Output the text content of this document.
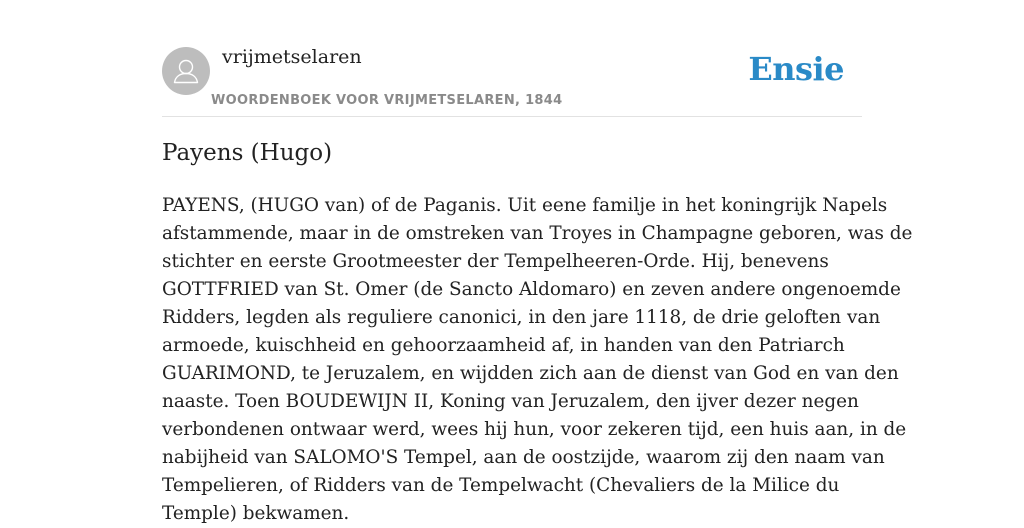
vrijmetselaren
WOORDENBOEK VOOR VRIJMETSELAREN, 1844
Ensie
Payens (Hugo)

PAYENS, (HUGO van) of de Paganis. Uit eene familje in het koningrijk Napels
afstammende, maar in de omstreken van Troyes in Champagne geboren, was de
stichter en eerste Grootmeester der Tempelheeren-Orde. Hij, benevens
GOTTFRIED van St. Omer (de Sancto Aldomaro) en zeven andere ongenoemde
Ridders, legden als reguliere canonici, in den jare 1118, de drie geloften van
armoede, kuischheid en gehoorzaamheid af, in handen van den Patriarch
GUARIMOND, te Jeruzalem, en wijdden zich aan de dienst van God en van den
naaste. Toen BOUDEWIJN II, Koning van Jeruzalem, den ijver dezer negen
verbondenen ontwaar werd, wees hij hun, voor zekeren tijd, een huis aan, in de
nabijheid van SALOMO'S Tempel, aan de oostzijde, waarom zij den naam van
Tempelieren, of Ridders van de Tempelwacht (Chevaliers de la Milice du
Temple) bekwamen.
